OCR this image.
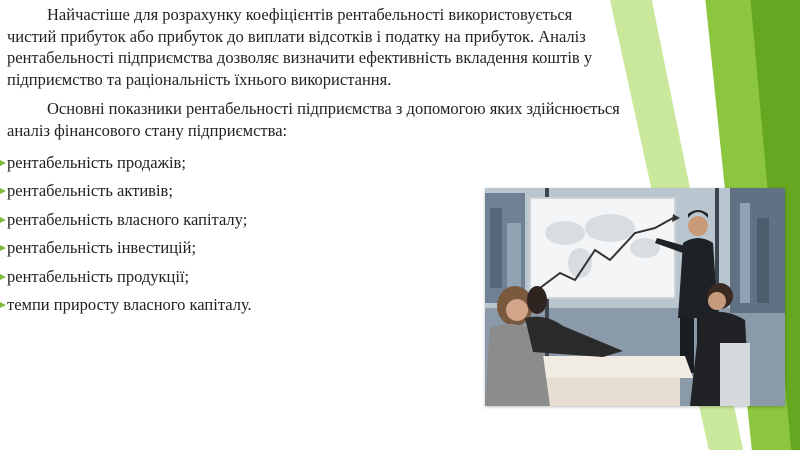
Найчастіше для розрахунку коефіцієнтів рентабельності використовується чистий прибуток або прибуток до виплати відсотків і податку на прибуток. Аналіз рентабельності підприємства дозволяє визначити ефективність вкладення коштів у підприємство та раціональність їхнього використання.

Основні показники рентабельності підприємства з допомогою яких здійснюється аналіз фінансового стану підприємства:

рентабельність продажів;
рентабельність активів;
рентабельність власного капіталу;
рентабельність інвестицій;
рентабельність продукції;
темпи приросту власного капіталу.
